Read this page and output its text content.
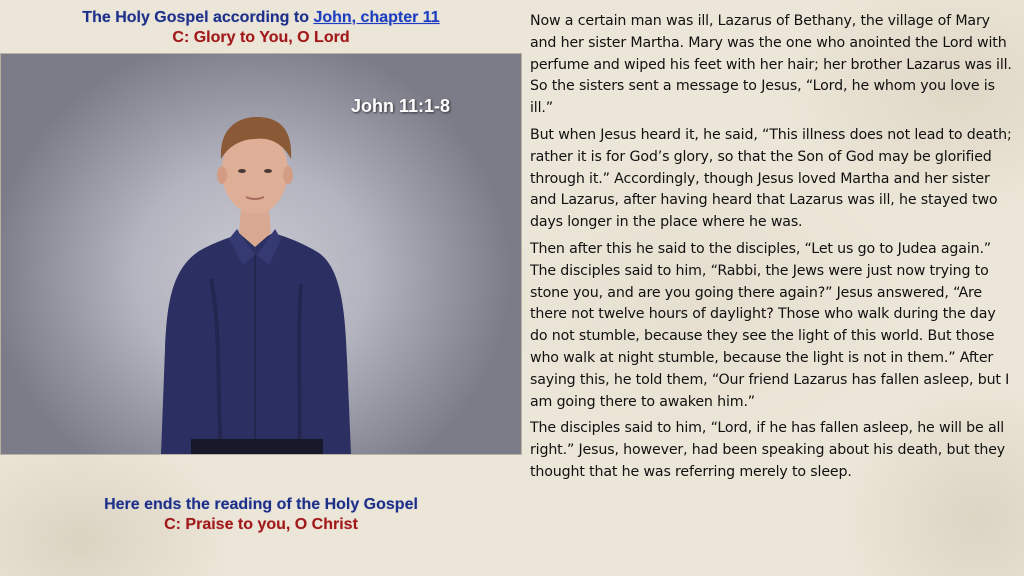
The Holy Gospel according to John, chapter 11
C: Glory to You, O Lord
John 11:1-8
Here ends the reading of the Holy Gospel
C: Praise to you, O Christ

Now a certain man was ill, Lazarus of Bethany, the village of Mary and her sister Martha. Mary was the one who anointed the Lord with perfume and wiped his feet with her hair; her brother Lazarus was ill. So the sisters sent a message to Jesus, “Lord, he whom you love is ill.”

But when Jesus heard it, he said, “This illness does not lead to death; rather it is for God’s glory, so that the Son of God may be glorified through it.” Accordingly, though Jesus loved Martha and her sister and Lazarus, after having heard that Lazarus was ill, he stayed two days longer in the place where he was.

Then after this he said to the disciples, “Let us go to Judea again.” The disciples said to him, “Rabbi, the Jews were just now trying to stone you, and are you going there again?” Jesus answered, “Are there not twelve hours of daylight? Those who walk during the day do not stumble, because they see the light of this world. But those who walk at night stumble, because the light is not in them.” After saying this, he told them, “Our friend Lazarus has fallen asleep, but I am going there to awaken him.”

The disciples said to him, “Lord, if he has fallen asleep, he will be all right.” Jesus, however, had been speaking about his death, but they thought that he was referring merely to sleep.
